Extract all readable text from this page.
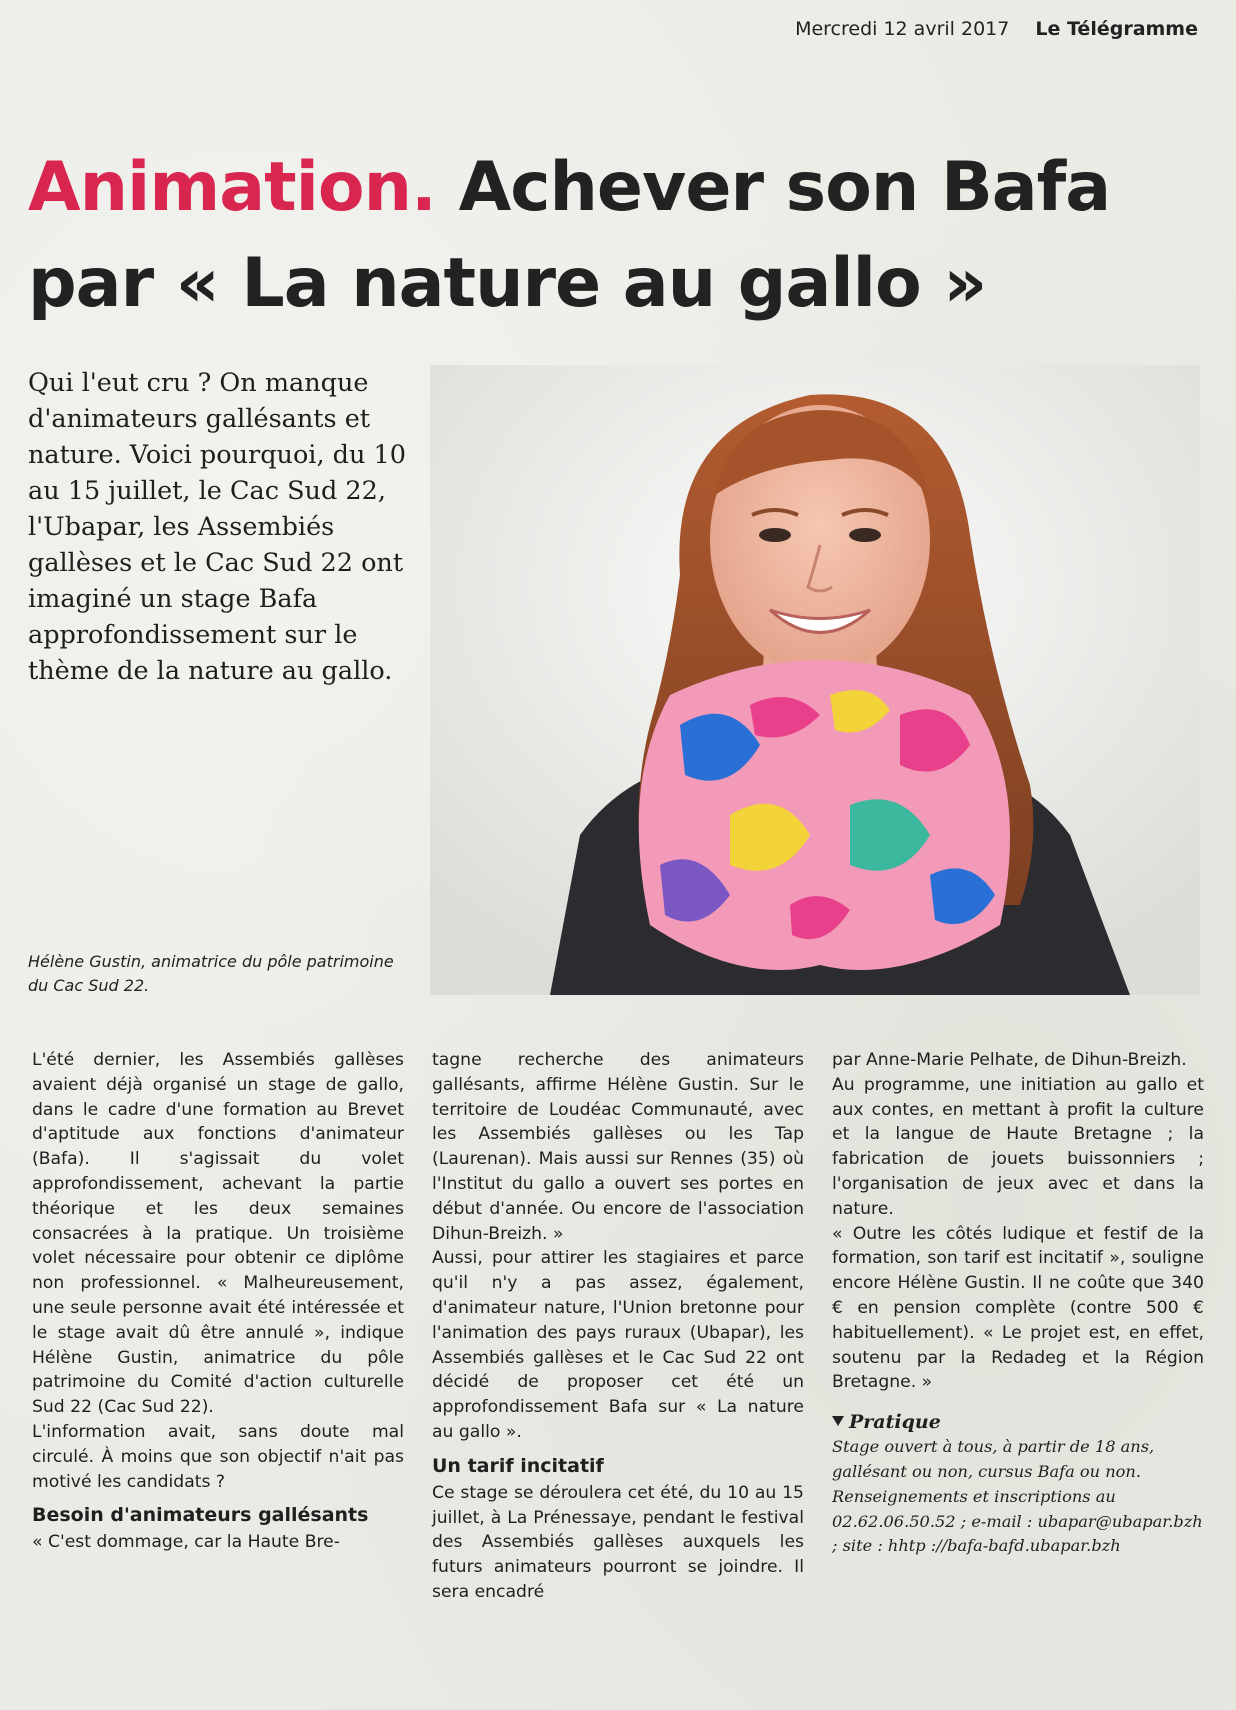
Mercredi 12 avril 2017 Le Télégramme
Animation. Achever son Bafa
par « La nature au gallo »

Qui l'eut cru ? On manque d'animateurs gallésants et nature. Voici pourquoi, du 10 au 15 juillet, le Cac Sud 22, l'Ubapar, les Assembiés gallèses et le Cac Sud 22 ont imaginé un stage Bafa approfondissement sur le thème de la nature au gallo.

Hélène Gustin, animatrice du pôle patrimoine du Cac Sud 22.

L'été dernier, les Assembiés gallèses avaient déjà organisé un stage de gallo, dans le cadre d'une formation au Brevet d'aptitude aux fonctions d'animateur (Bafa). Il s'agissait du volet approfondissement, achevant la partie théorique et les deux semaines consacrées à la pratique. Un troisième volet nécessaire pour obtenir ce diplôme non professionnel. « Malheureusement, une seule personne avait été intéressée et le stage avait dû être annulé », indique Hélène Gustin, animatrice du pôle patrimoine du Comité d'action culturelle Sud 22 (Cac Sud 22).

L'information avait, sans doute mal circulé. À moins que son objectif n'ait pas motivé les candidats ?

Besoin d'animateurs gallésants

« C'est dommage, car la Haute Bre-

tagne recherche des animateurs gallésants, affirme Hélène Gustin. Sur le territoire de Loudéac Communauté, avec les Assembiés gallèses ou les Tap (Laurenan). Mais aussi sur Rennes (35) où l'Institut du gallo a ouvert ses portes en début d'année. Ou encore de l'association Dihun-Breizh. »

Aussi, pour attirer les stagiaires et parce qu'il n'y a pas assez, également, d'animateur nature, l'Union bretonne pour l'animation des pays ruraux (Ubapar), les Assembiés gallèses et le Cac Sud 22 ont décidé de proposer cet été un approfondissement Bafa sur « La nature au gallo ».

Un tarif incitatif

Ce stage se déroulera cet été, du 10 au 15 juillet, à La Prénessaye, pendant le festival des Assembiés gallèses auxquels les futurs animateurs pourront se joindre. Il sera encadré

par Anne-Marie Pelhate, de Dihun-Breizh.

Au programme, une initiation au gallo et aux contes, en mettant à profit la culture et la langue de Haute Bretagne ; la fabrication de jouets buissonniers ; l'organisation de jeux avec et dans la nature.

« Outre les côtés ludique et festif de la formation, son tarif est incitatif », souligne encore Hélène Gustin. Il ne coûte que 340 € en pension complète (contre 500 € habituellement). « Le projet est, en effet, soutenu par la Redadeg et la Région Bretagne. »

Pratique

Stage ouvert à tous, à partir de 18 ans, gallésant ou non, cursus Bafa ou non. Renseignements et inscriptions au 02.62.06.50.52 ; e-mail : ubapar@ubapar.bzh ; site : hhtp ://bafa-bafd.ubapar.bzh
